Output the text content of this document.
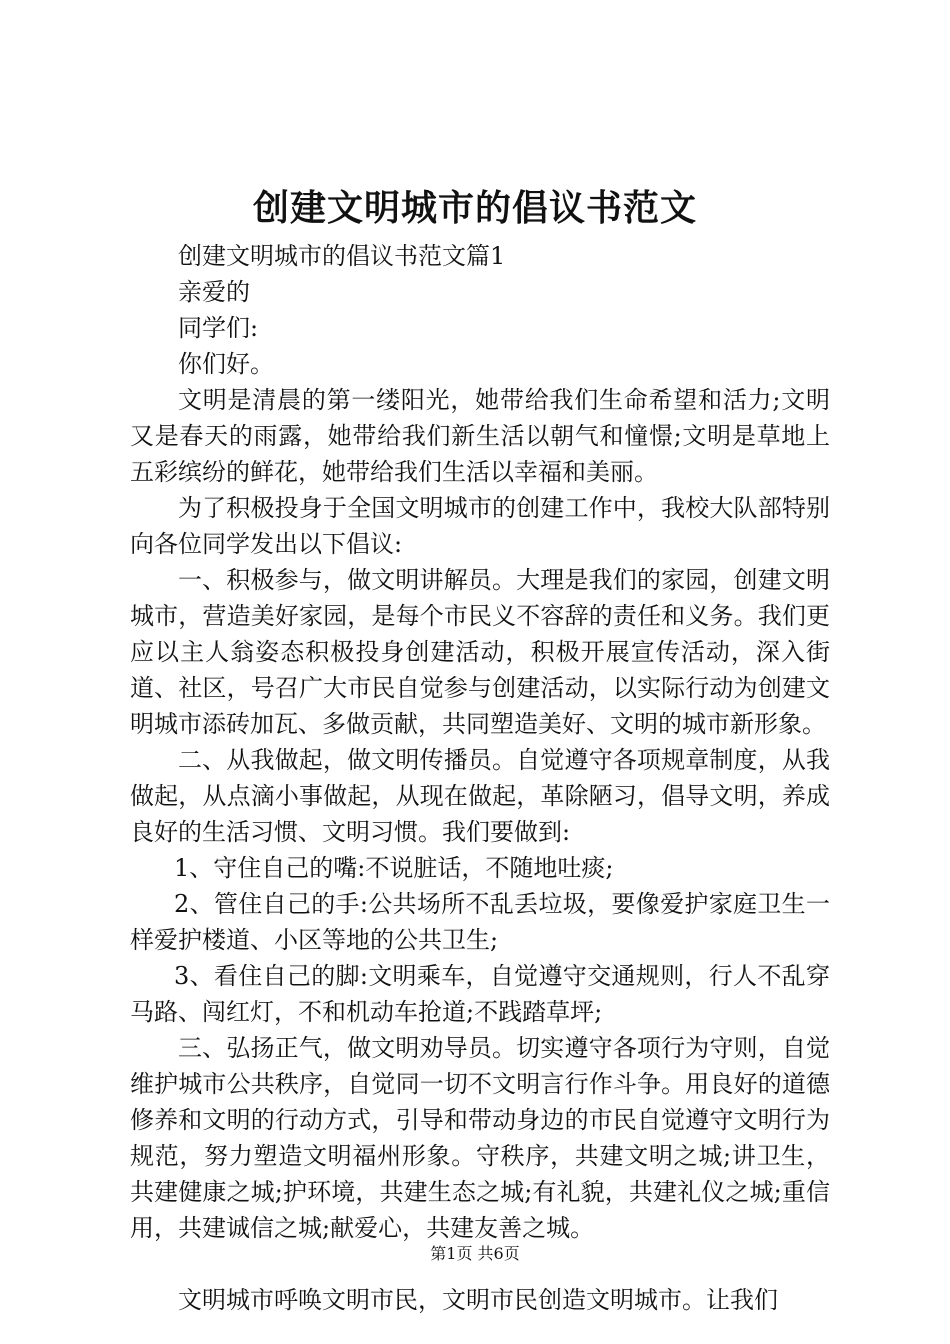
创建文明城市的倡议书范文

创建文明城市的倡议书范文篇1

亲爱的

同学们:

你们好。

文明是清晨的第一缕阳光，她带给我们生命希望和活力;文明又是春天的雨露，她带给我们新生活以朝气和憧憬;文明是草地上五彩缤纷的鲜花，她带给我们生活以幸福和美丽。

为了积极投身于全国文明城市的创建工作中，我校大队部特别向各位同学发出以下倡议:

一、积极参与，做文明讲解员。大理是我们的家园，创建文明城市，营造美好家园，是每个市民义不容辞的责任和义务。我们更应以主人翁姿态积极投身创建活动，积极开展宣传活动，深入街道、社区，号召广大市民自觉参与创建活动，以实际行动为创建文明城市添砖加瓦、多做贡献，共同塑造美好、文明的城市新形象。

二、从我做起，做文明传播员。自觉遵守各项规章制度，从我做起，从点滴小事做起，从现在做起，革除陋习，倡导文明，养成良好的生活习惯、文明习惯。我们要做到:

1、守住自己的嘴:不说脏话，不随地吐痰;

2、管住自己的手:公共场所不乱丢垃圾，要像爱护家庭卫生一样爱护楼道、小区等地的公共卫生;

3、看住自己的脚:文明乘车，自觉遵守交通规则，行人不乱穿马路、闯红灯，不和机动车抢道;不践踏草坪;

三、弘扬正气，做文明劝导员。切实遵守各项行为守则，自觉维护城市公共秩序，自觉同一切不文明言行作斗争。用良好的道德修养和文明的行动方式，引导和带动身边的市民自觉遵守文明行为规范，努力塑造文明福州形象。守秩序，共建文明之城;讲卫生，共建健康之城;护环境，共建生态之城;有礼貌，共建礼仪之城;重信用，共建诚信之城;献爱心，共建友善之城。

文明城市呼唤文明市民，文明市民创造文明城市。让我们

第1页 共6页
